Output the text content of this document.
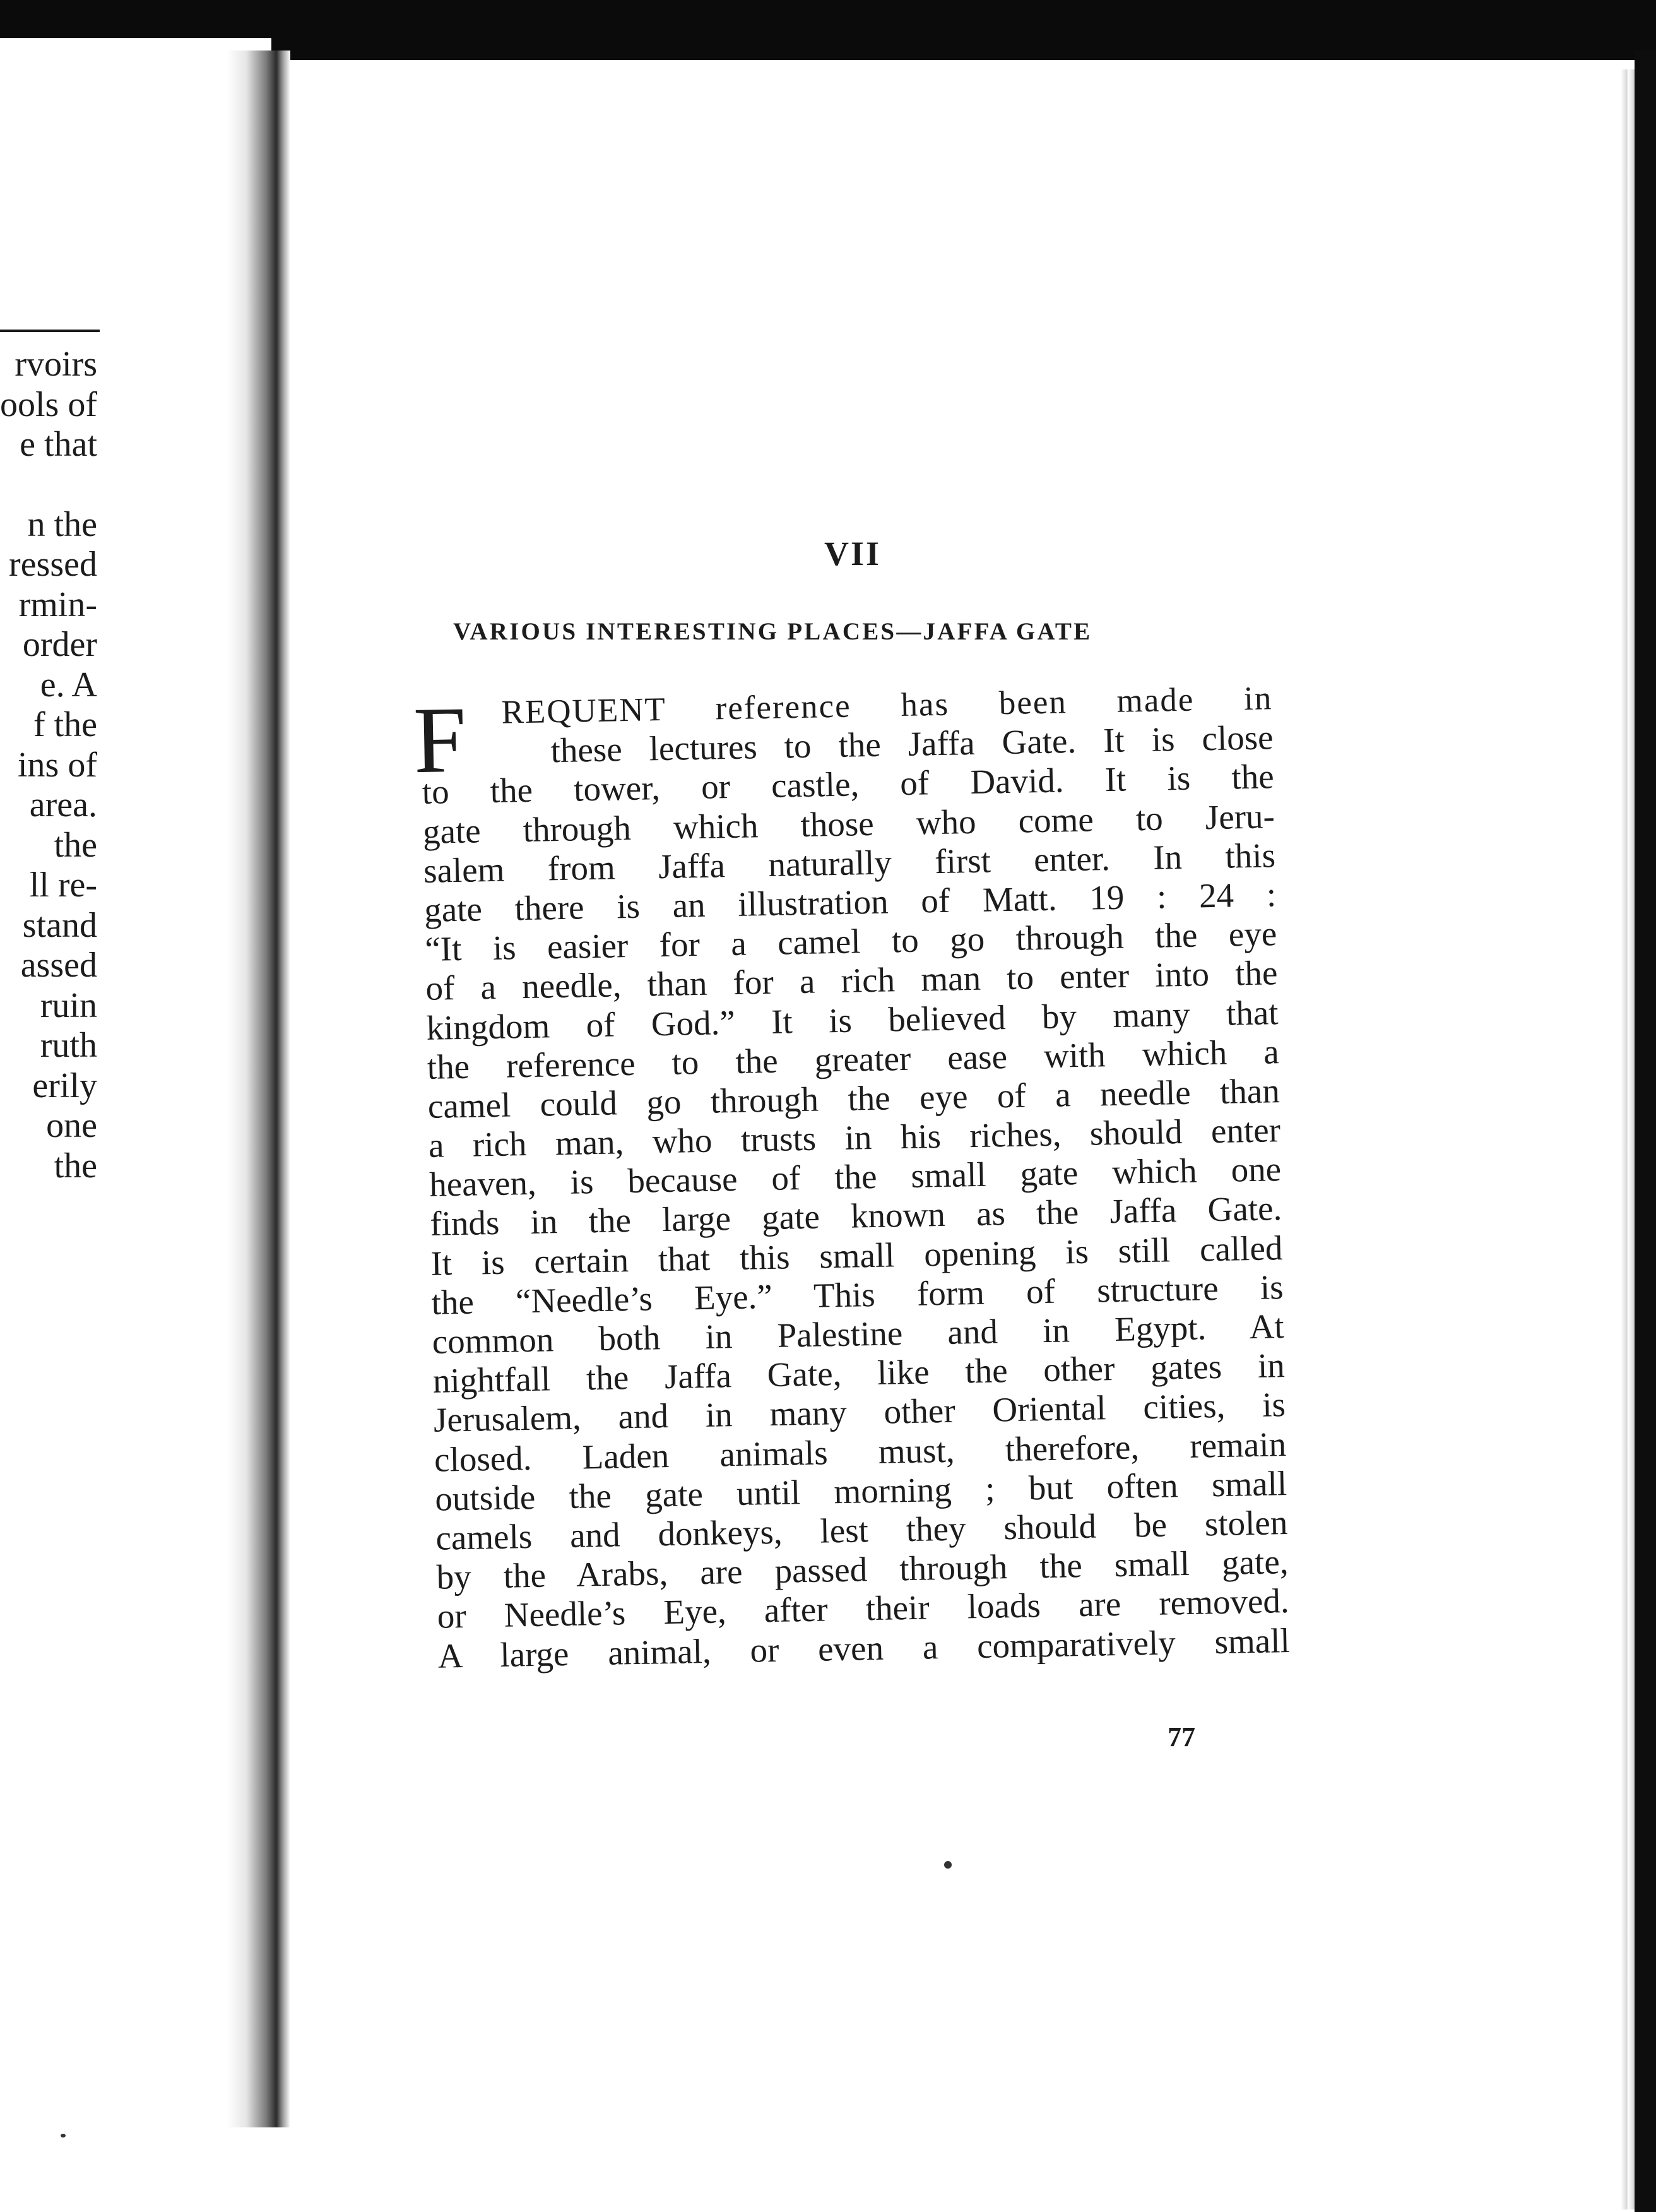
rvoirs
ools of
e that
n the
ressed
rmin-
order
e. A
f the
ins of
area.
the
ll re-
stand
assed
ruin
ruth
erily
one
the
VII
VARIOUS INTERESTING PLACES—JAFFA GATE
F	REQUENT reference has been made in
these lectures to the Jaffa Gate. It is close
to the tower, or castle, of David. It is the
gate through which those who come to Jeru-
salem from Jaffa naturally first enter. In this
gate there is an illustration of Matt. 19 : 24 :
“It is easier for a camel to go through the eye
of a needle, than for a rich man to enter into the
kingdom of God.” It is believed by many that
the reference to the greater ease with which a
camel could go through the eye of a needle than
a rich man, who trusts in his riches, should enter
heaven, is because of the small gate which one
finds in the large gate known as the Jaffa Gate.
It is certain that this small opening is still called
the “Needle’s Eye.” This form of structure is
common both in Palestine and in Egypt. At
nightfall the Jaffa Gate, like the other gates in
Jerusalem, and in many other Oriental cities, is
closed. Laden animals must, therefore, remain
outside the gate until morning ; but often small
camels and donkeys, lest they should be stolen
by the Arabs, are passed through the small gate,
or Needle’s Eye, after their loads are removed.
A large animal, or even a comparatively small
77
